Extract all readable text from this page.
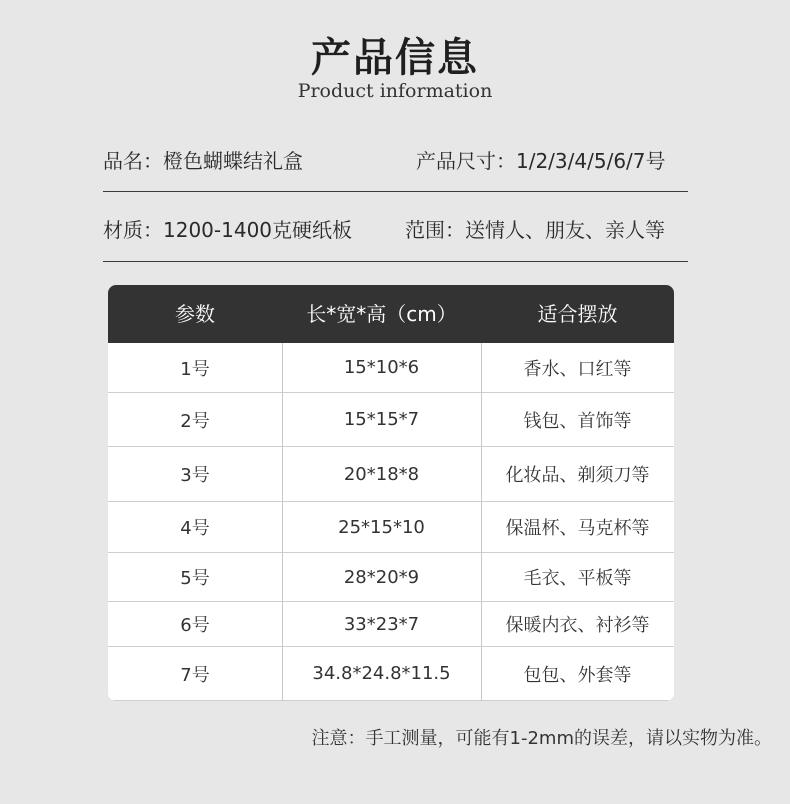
产品信息
Product information
品名：橙色蝴蝶结礼盒	产品尺寸：1/2/3/4/5/6/7号
材质：1200-1400克硬纸板	范围：送情人、朋友、亲人等
参数	长*宽*高（cm）	适合摆放
1号	15*10*6	香水、口红等
2号	15*15*7	钱包、首饰等
3号	20*18*8	化妆品、剃须刀等
4号	25*15*10	保温杯、马克杯等
5号	28*20*9	毛衣、平板等
6号	33*23*7	保暖内衣、衬衫等
7号	34.8*24.8*11.5	包包、外套等
注意：手工测量，可能有1-2mm的误差，请以实物为准。
